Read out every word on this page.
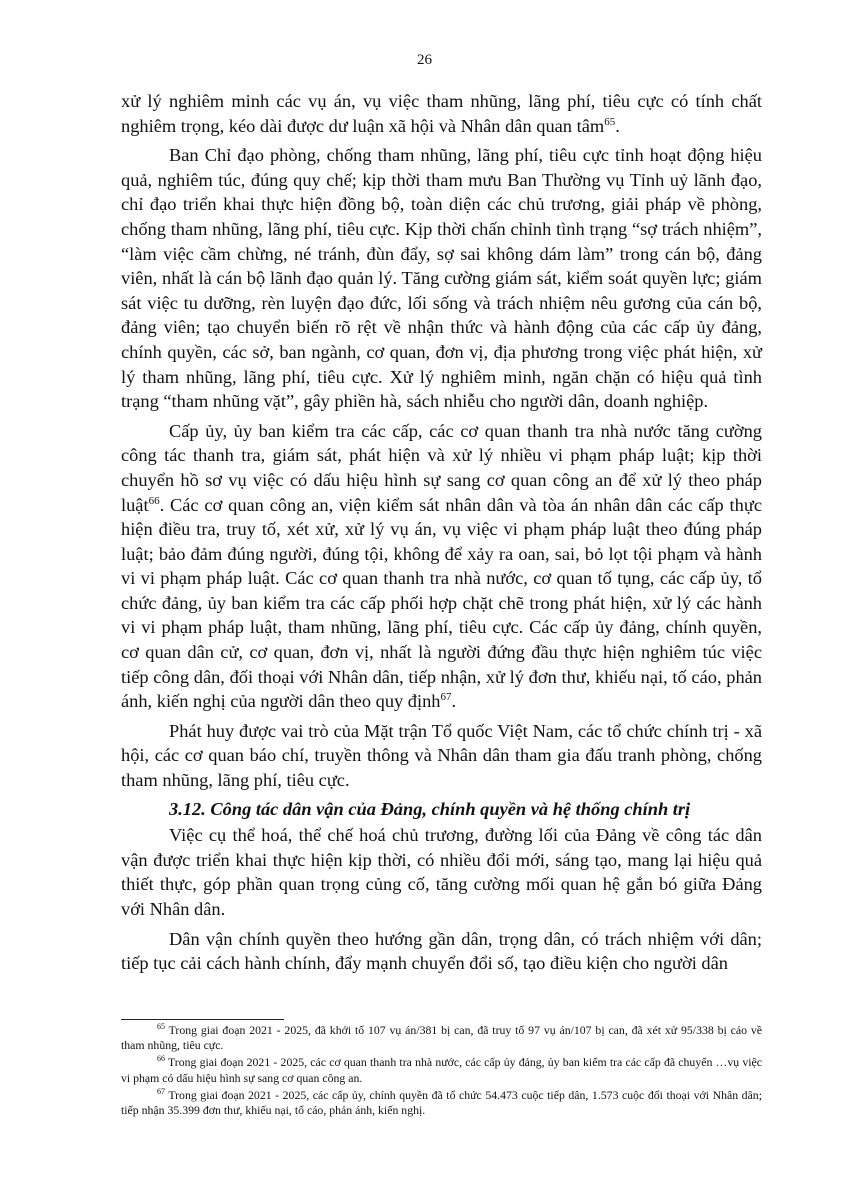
26

xử lý nghiêm minh các vụ án, vụ việc tham nhũng, lãng phí, tiêu cực có tính chất nghiêm trọng, kéo dài được dư luận xã hội và Nhân dân quan tâm$^{65}$.

Ban Chỉ đạo phòng, chống tham nhũng, lãng phí, tiêu cực tỉnh hoạt động hiệu quả, nghiêm túc, đúng quy chế; kịp thời tham mưu Ban Thường vụ Tỉnh uỷ lãnh đạo, chỉ đạo triển khai thực hiện đồng bộ, toàn diện các chủ trương, giải pháp về phòng, chống tham nhũng, lãng phí, tiêu cực. Kịp thời chấn chỉnh tình trạng “sợ trách nhiệm”, “làm việc cầm chừng, né tránh, đùn đẩy, sợ sai không dám làm” trong cán bộ, đảng viên, nhất là cán bộ lãnh đạo quản lý. Tăng cường giám sát, kiểm soát quyền lực; giám sát việc tu dưỡng, rèn luyện đạo đức, lối sống và trách nhiệm nêu gương của cán bộ, đảng viên; tạo chuyển biến rõ rệt về nhận thức và hành động của các cấp ủy đảng, chính quyền, các sở, ban ngành, cơ quan, đơn vị, địa phương trong việc phát hiện, xử lý tham nhũng, lãng phí, tiêu cực. Xử lý nghiêm minh, ngăn chặn có hiệu quả tình trạng “tham nhũng vặt”, gây phiền hà, sách nhiễu cho người dân, doanh nghiệp.

Cấp ủy, ủy ban kiểm tra các cấp, các cơ quan thanh tra nhà nước tăng cường công tác thanh tra, giám sát, phát hiện và xử lý nhiều vi phạm pháp luật; kịp thời chuyển hồ sơ vụ việc có dấu hiệu hình sự sang cơ quan công an để xử lý theo pháp luật$^{66}$. Các cơ quan công an, viện kiểm sát nhân dân và tòa án nhân dân các cấp thực hiện điều tra, truy tố, xét xử, xử lý vụ án, vụ việc vi phạm pháp luật theo đúng pháp luật; bảo đảm đúng người, đúng tội, không để xảy ra oan, sai, bỏ lọt tội phạm và hành vi vi phạm pháp luật. Các cơ quan thanh tra nhà nước, cơ quan tố tụng, các cấp ủy, tổ chức đảng, ủy ban kiểm tra các cấp phối hợp chặt chẽ trong phát hiện, xử lý các hành vi vi phạm pháp luật, tham nhũng, lãng phí, tiêu cực. Các cấp ủy đảng, chính quyền, cơ quan dân cử, cơ quan, đơn vị, nhất là người đứng đầu thực hiện nghiêm túc việc tiếp công dân, đối thoại với Nhân dân, tiếp nhận, xử lý đơn thư, khiếu nại, tố cáo, phản ánh, kiến nghị của người dân theo quy định$^{67}$.

Phát huy được vai trò của Mặt trận Tổ quốc Việt Nam, các tổ chức chính trị - xã hội, các cơ quan báo chí, truyền thông và Nhân dân tham gia đấu tranh phòng, chống tham nhũng, lãng phí, tiêu cực.

3.12. Công tác dân vận của Đảng, chính quyền và hệ thống chính trị

Việc cụ thể hoá, thể chế hoá chủ trương, đường lối của Đảng về công tác dân vận được triển khai thực hiện kịp thời, có nhiều đổi mới, sáng tạo, mang lại hiệu quả thiết thực, góp phần quan trọng củng cố, tăng cường mối quan hệ gắn bó giữa Đảng với Nhân dân.

Dân vận chính quyền theo hướng gần dân, trọng dân, có trách nhiệm với dân; tiếp tục cải cách hành chính, đẩy mạnh chuyển đổi số, tạo điều kiện cho người dân

$^{65}$ Trong giai đoạn 2021 - 2025, đã khởi tố 107 vụ án/381 bị can, đã truy tố 97 vụ án/107 bị can, đã xét xử 95/338 bị cáo về tham nhũng, tiêu cực.

$^{66}$ Trong giai đoạn 2021 - 2025, các cơ quan thanh tra nhà nước, các cấp ủy đảng, ủy ban kiểm tra các cấp đã chuyển …vụ việc vi phạm có dấu hiệu hình sự sang cơ quan công an.

$^{67}$ Trong giai đoạn 2021 - 2025, các cấp ủy, chính quyền đã tổ chức 54.473 cuộc tiếp dân, 1.573 cuộc đối thoại với Nhân dân; tiếp nhận 35.399 đơn thư, khiếu nại, tố cáo, phản ánh, kiến nghị.
